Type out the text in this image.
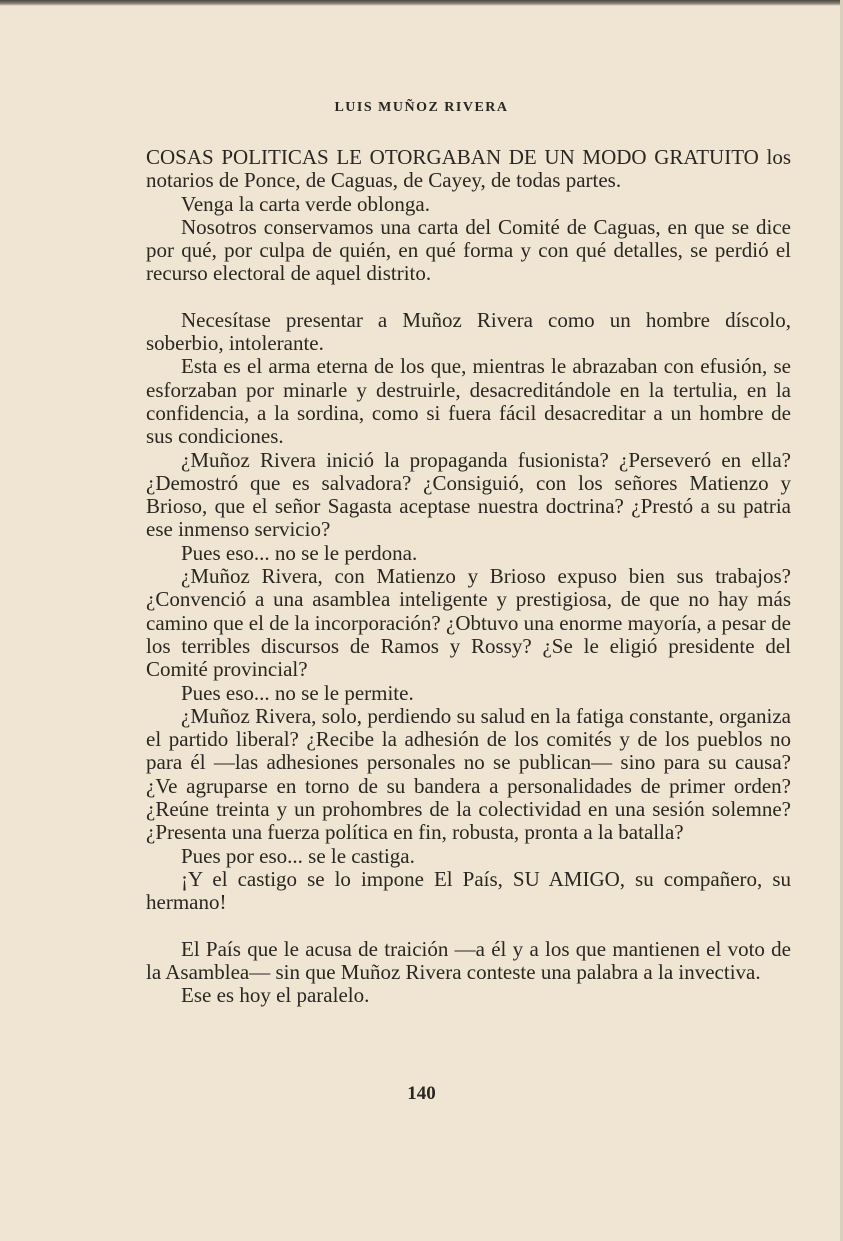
LUIS MUÑOZ RIVERA

COSAS POLITICAS LE OTORGABAN DE UN MODO GRATUITO los notarios de Ponce, de Caguas, de Cayey, de todas partes.

Venga la carta verde oblonga.

Nosotros conservamos una carta del Comité de Caguas, en que se dice por qué, por culpa de quién, en qué forma y con qué detalles, se perdió el recurso electoral de aquel distrito.

Necesítase presentar a Muñoz Rivera como un hombre díscolo, soberbio, intolerante.

Esta es el arma eterna de los que, mientras le abrazaban con efusión, se esforzaban por minarle y destruirle, desacreditándole en la tertulia, en la confidencia, a la sordina, como si fuera fácil desacreditar a un hombre de sus condiciones.

¿Muñoz Rivera inició la propaganda fusionista? ¿Perseveró en ella? ¿Demostró que es salvadora? ¿Consiguió, con los señores Matienzo y Brioso, que el señor Sagasta aceptase nuestra doctrina? ¿Prestó a su patria ese inmenso servicio?

Pues eso... no se le perdona.

¿Muñoz Rivera, con Matienzo y Brioso expuso bien sus trabajos? ¿Convenció a una asamblea inteligente y prestigiosa, de que no hay más camino que el de la incorporación? ¿Obtuvo una enorme mayoría, a pesar de los terribles discursos de Ramos y Rossy? ¿Se le eligió presidente del Comité provincial?

Pues eso... no se le permite.

¿Muñoz Rivera, solo, perdiendo su salud en la fatiga constante, organiza el partido liberal? ¿Recibe la adhesión de los comités y de los pueblos no para él —las adhesiones personales no se publican— sino para su causa? ¿Ve agruparse en torno de su bandera a personalidades de primer orden? ¿Reúne treinta y un prohombres de la colectividad en una sesión solemne? ¿Presenta una fuerza política en fin, robusta, pronta a la batalla?

Pues por eso... se le castiga.

¡Y el castigo se lo impone El País, SU AMIGO, su compañero, su hermano!

El País que le acusa de traición —a él y a los que mantienen el voto de la Asamblea— sin que Muñoz Rivera conteste una palabra a la invectiva.

Ese es hoy el paralelo.

140
